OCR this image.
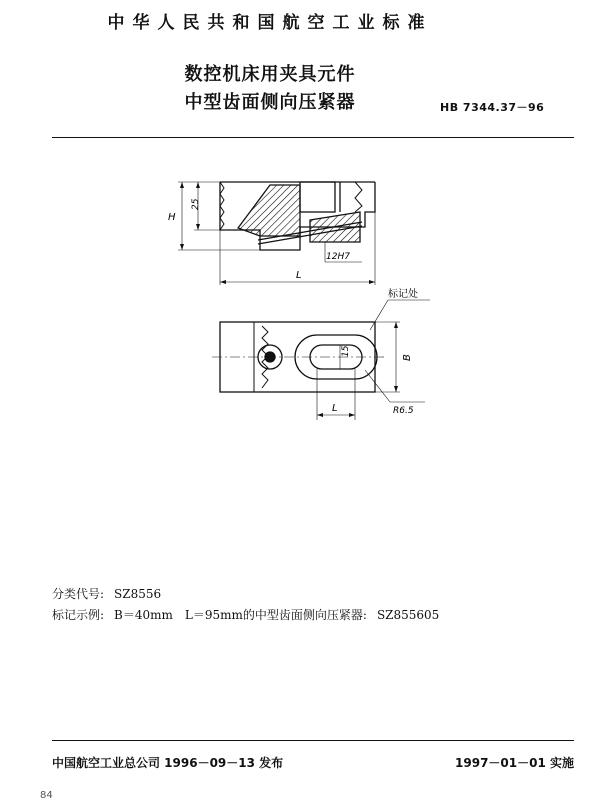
中华人民共和国航空工业标准
数控机床用夹具元件
中型齿面侧向压紧器	HB 7344.37－96
H
25
12H7
L
标记处
15
B
L	R6.5
分类代号: SZ8556
标记示例: B＝40mm　L＝95mm的中型齿面侧向压紧器: SZ855605
中国航空工业总公司 1996－09－13 发布	1997－01－01 实施
84
